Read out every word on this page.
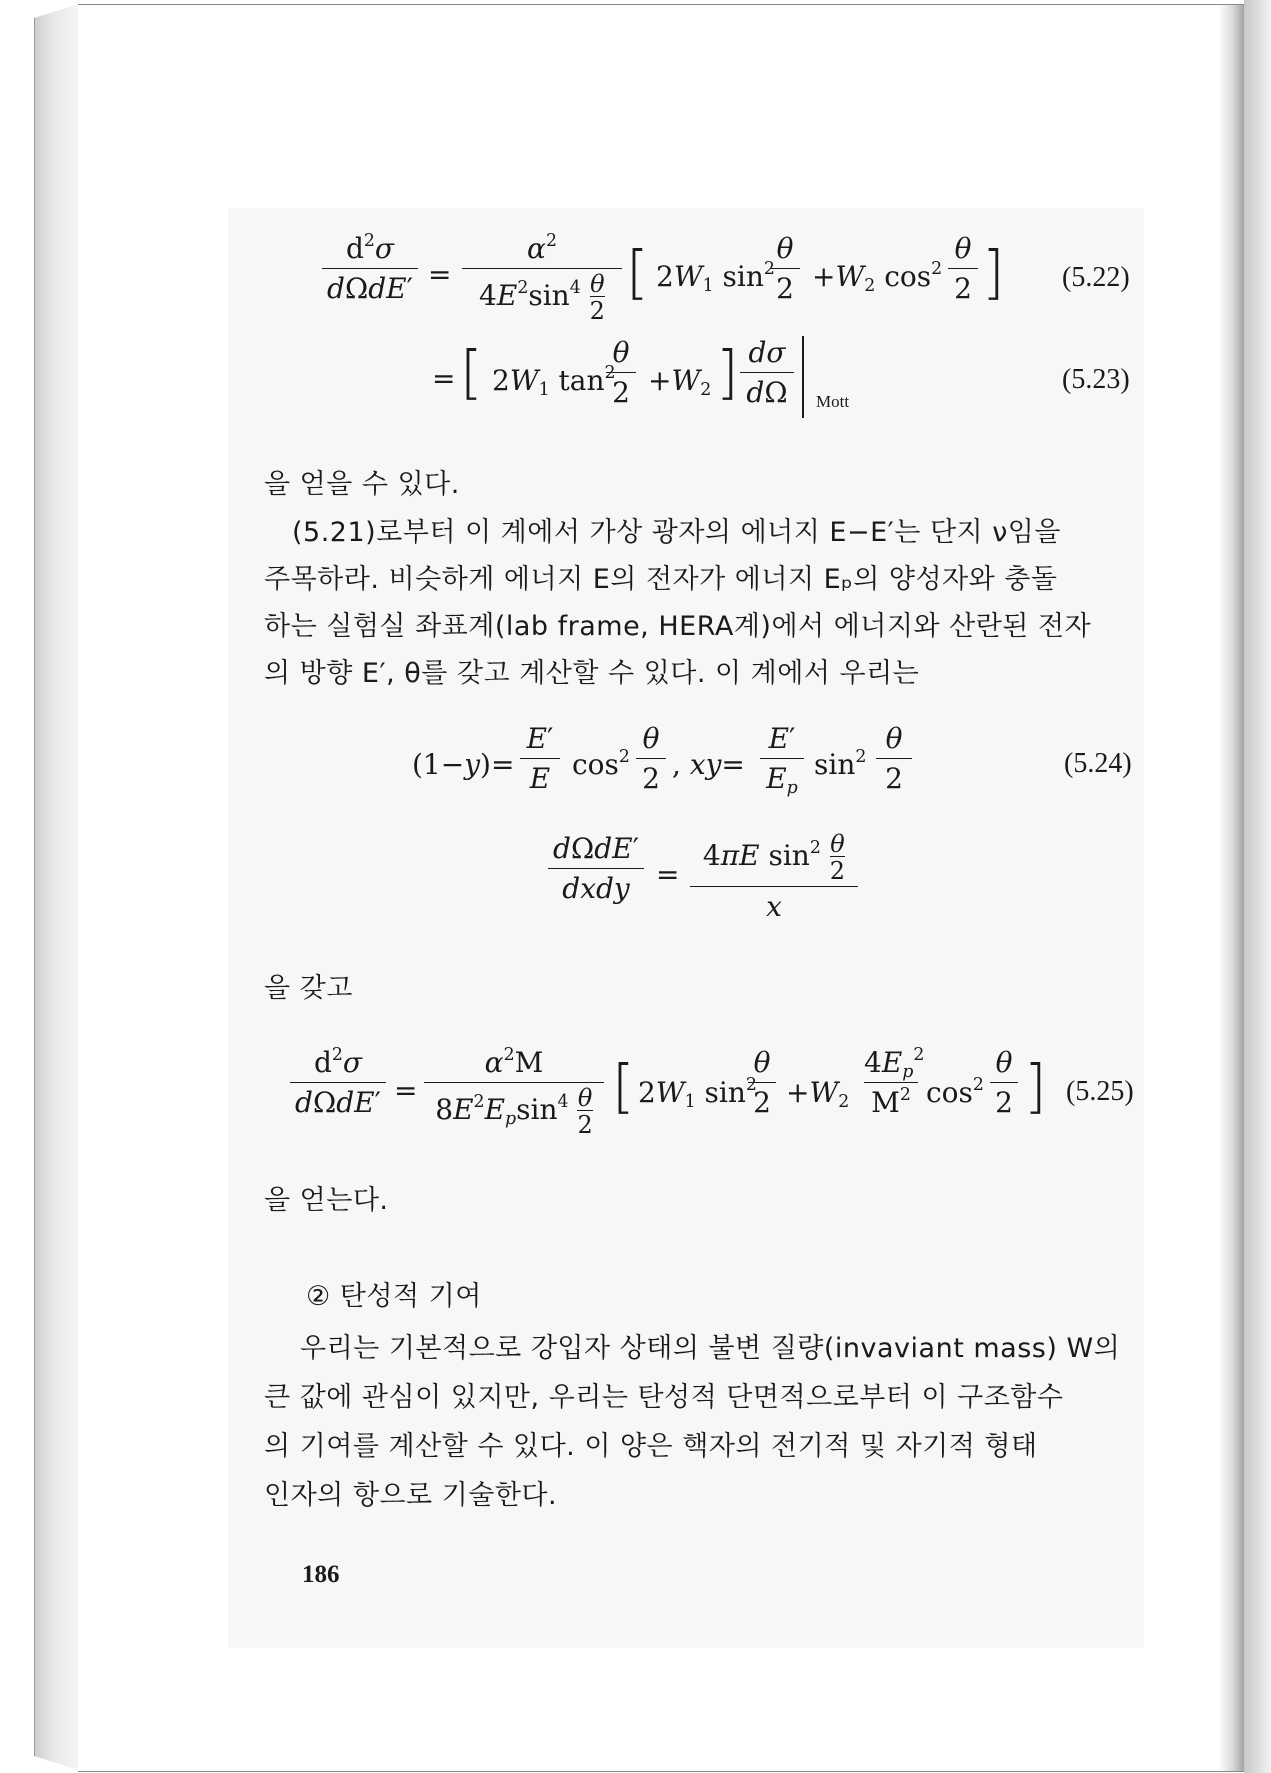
$d^2\sigma$
dΩdE′ =
$\alpha^2$
$4E^2\sin^4 \frac{\theta}{2}$ [ $2W_1$ $\sin^2$
θ
$2 +W_2$ $\cos^2$
θ
2 ] (5.22)
= [ $2W_1$ $\tan^2$
θ
$2 +W_2$ ] dσ
dΩ	Mott
(5.23)
을 얻을 수 있다.
(5.21)로부터 이 계에서 가상 광자의 에너지 E−E′는 단지 ν임을
주목하라. 비슷하게 에너지 E의 전자가 에너지 Eₚ의 양성자와 충돌
하는 실험실 좌표계(lab frame, HERA계)에서 에너지와 산란된 전자
의 방향 E′, θ를 갖고 계산할 수 있다. 이 계에서 우리는
(1−y)=
E′
E $\cos^2$
θ
2 , xy=
E′
$E_p$
$\sin^2$
θ
2	(5.24)
dΩdE′
dxdy =
4πE $\sin^2 \frac{\theta}{2}$
x
을 갖고
$d^2\sigma$
dΩdE′ =
$\alpha^2M$
$8E^2E_p\sin^4 \frac{\theta}{2}$ [ $2W_1$ $\sin^2$
θ
$2 +W_2$
$4E_p^2$
$M^2$ $\cos^2$
θ
2 ] (5.25)
을 얻는다.
② 탄성적 기여
우리는 기본적으로 강입자 상태의 불변 질량(invaviant mass) W의
큰 값에 관심이 있지만, 우리는 탄성적 단면적으로부터 이 구조함수
의 기여를 계산할 수 있다. 이 양은 핵자의 전기적 및 자기적 형태
인자의 항으로 기술한다.
186
